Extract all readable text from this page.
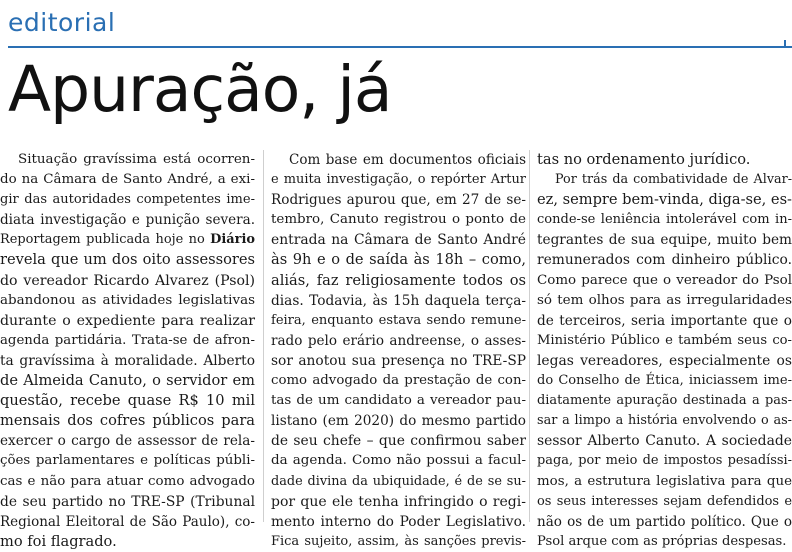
editorial
Apuração, já
Situação gravíssima está ocorren-
do na Câmara de Santo André, a exi-
gir das autoridades competentes ime-
diata investigação e punição severa.
Reportagem publicada hoje no Diário
revela que um dos oito assessores
do vereador Ricardo Alvarez (Psol)
abandonou as atividades legislativas
durante o expediente para realizar
agenda partidária. Trata-se de afron-
ta gravíssima à moralidade. Alberto
de Almeida Canuto, o servidor em
questão, recebe quase R$ 10 mil
mensais dos cofres públicos para
exercer o cargo de assessor de rela-
ções parlamentares e políticas públi-
cas e não para atuar como advogado
de seu partido no TRE-SP (Tribunal
Regional Eleitoral de São Paulo), co-
mo foi flagrado.
Com base em documentos oficiais
e muita investigação, o repórter Artur
Rodrigues apurou que, em 27 de se-
tembro, Canuto registrou o ponto de
entrada na Câmara de Santo André
às 9h e o de saída às 18h – como,
aliás, faz religiosamente todos os
dias. Todavia, às 15h daquela terça-
feira, enquanto estava sendo remune-
rado pelo erário andreense, o asses-
sor anotou sua presença no TRE-SP
como advogado da prestação de con-
tas de um candidato a vereador pau-
listano (em 2020) do mesmo partido
de seu chefe – que confirmou saber
da agenda. Como não possui a facul-
dade divina da ubiquidade, é de se su-
por que ele tenha infringido o regi-
mento interno do Poder Legislativo.
Fica sujeito, assim, às sanções previs-
tas no ordenamento jurídico.
Por trás da combatividade de Alvar-
ez, sempre bem-vinda, diga-se, es-
conde-se leniência intolerável com in-
tegrantes de sua equipe, muito bem
remunerados com dinheiro público.
Como parece que o vereador do Psol
só tem olhos para as irregularidades
de terceiros, seria importante que o
Ministério Público e também seus co-
legas vereadores, especialmente os
do Conselho de Ética, iniciassem ime-
diatamente apuração destinada a pas-
sar a limpo a história envolvendo o as-
sessor Alberto Canuto. A sociedade
paga, por meio de impostos pesadíssi-
mos, a estrutura legislativa para que
os seus interesses sejam defendidos e
não os de um partido político. Que o
Psol arque com as próprias despesas.
